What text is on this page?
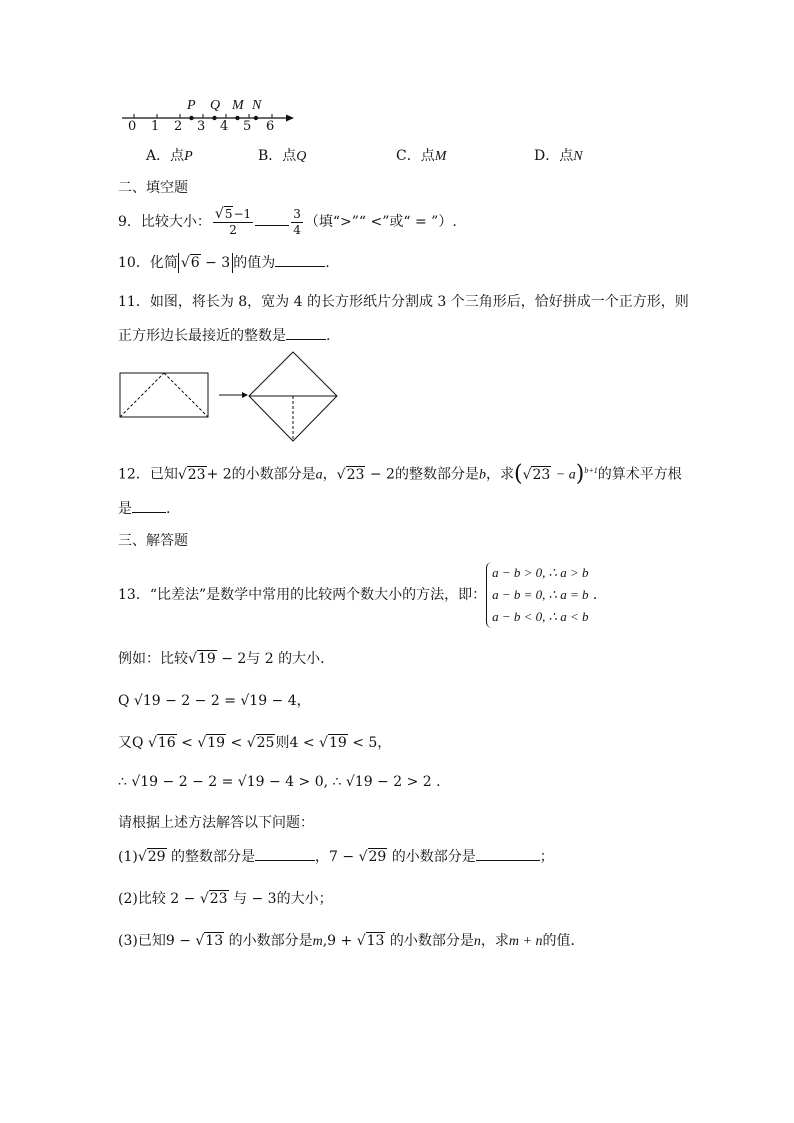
P Q M N
0 1 2 3 4 5 6
A．点P	B．点Q	C．点M	D．点N
二、填空题
9．比较大小： $\frac{√5-1}{2}$	$\frac{3}{4}$ （填“>”“ <”或“ = ”）.
10．化简 √6 − 3 的值为	.
11．如图，将长为 8，宽为 4 的长方形纸片分割成 3 个三角形后，恰好拼成一个正方形，则
正方形边长最接近的整数是	.
12．已知√23+ 2的小数部分是a，√23 − 2的整数部分是b，求$(√23 - a)^{b+1}$的算术平方根
是 .
三、解答题
13．“比差法”是数学中常用的比较两个数大小的方法，即：
a − b > 0, ∴ a > b
a − b = 0, ∴ a = b
a − b < 0, ∴ a < b
.
例如：比较√19 − 2与 2 的大小．
Q √19 − 2 − 2 = √19 − 4，
又Q √16 < √19 < √25则4 < √19 < 5，
∴ √19 − 2 − 2 = √19 − 4 > 0, ∴ √19 − 2 > 2 .
请根据上述方法解答以下问题：
(1)√29 的整数部分是	，7 − √29 的小数部分是	；
(2)比较 2 − √23 与 − 3的大小；
(3)已知9 − √13 的小数部分是m,9 + √13 的小数部分是n，求m + n的值．
